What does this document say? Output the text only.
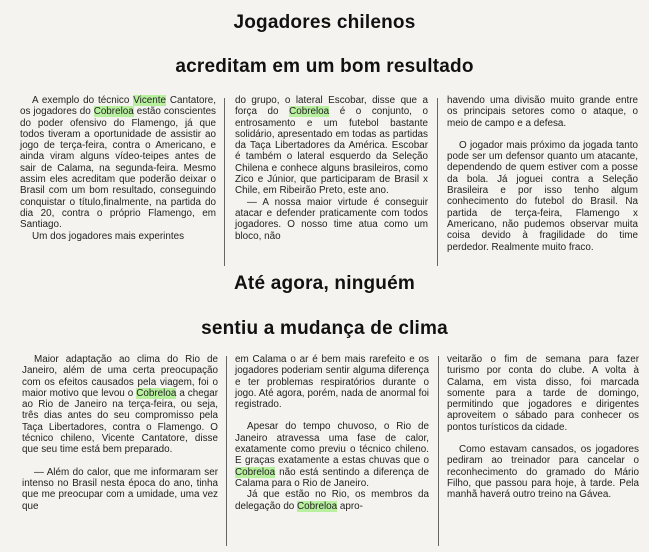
Jogadores chilenos
acreditam em um bom resultado

A exemplo do técnico Vicente Cantatore, os jogadores do Cobreloa estão conscientes do poder ofensivo do Flamengo, já que todos tiveram a oportunidade de assistir ao jogo de terça-feira, contra o Americano, e ainda viram alguns vídeo-teipes antes de sair de Calama, na segunda-feira. Mesmo assim eles acreditam que poderão deixar o Brasil com um bom resultado, conseguindo conquistar o título,finalmente, na partida do dia 20, contra o próprio Flamengo, em Santiago.

Um dos jogadores mais experintes

do grupo, o lateral Escobar, disse que a força do Cobreloa é o conjunto, o entrosamento e um futebol bastante solidário, apresentado em todas as partidas da Taça Libertadores da América. Escobar é também o lateral esquerdo da Seleção Chilena e conhece alguns brasileiros, como Zico e Júnior, que participaram de Brasil x Chile, em Ribeirão Preto, este ano.

— A nossa maior virtude é conseguir atacar e defender praticamente com todos jogadores. O nosso time atua como um bloco, não

havendo uma divisão muito grande entre os principais setores como o ataque, o meio de campo e a defesa.

O jogador mais próximo da jogada tanto pode ser um defensor quanto um atacante, dependendo de quem estiver com a posse da bola. Já joguei contra a Seleção Brasileira e por isso tenho algum conhecimento do futebol do Brasil. Na partida de terça-feira, Flamengo x Americano, não pudemos observar muita coisa devido à fragilidade do time perdedor. Realmente muito fraco.

Até agora, ninguém
sentiu a mudança de clima

Maior adaptação ao clima do Rio de Janeiro, além de uma certa preocupação com os efeitos causados pela viagem, foi o maior motivo que levou o Cobreloa a chegar ao Rio de Janeiro na terça-feira, ou seja, três dias antes do seu compromisso pela Taça Libertadores, contra o Flamengo. O técnico chileno, Vicente Cantatore, disse que seu time está bem preparado.

— Além do calor, que me informaram ser intenso no Brasil nesta época do ano, tinha que me preocupar com a umidade, uma vez que

em Calama o ar é bem mais rarefeito e os jogadores poderiam sentir alguma diferença e ter problemas respiratórios durante o jogo. Até agora, porém, nada de anormal foi registrado.

Apesar do tempo chuvoso, o Rio de Janeiro atravessa uma fase de calor, exatamente como previu o técnico chileno. E graças exatamente a estas chuvas que o Cobreloa não está sentindo a diferença de Calama para o Rio de Janeiro.

Já que estão no Rio, os membros da delegação do Cobreloa apro-

veitarão o fim de semana para fazer turismo por conta do clube. A volta à Calama, em vista disso, foi marcada somente para a tarde de domingo, permitindo que jogadores e dirigentes aproveitem o sábado para conhecer os pontos turísticos da cidade.

Como estavam cansados, os jogadores pediram ao treinador para cancelar o reconhecimento do gramado do Mário Filho, que passou para hoje, à tarde. Pela manhã haverá outro treino na Gávea.
